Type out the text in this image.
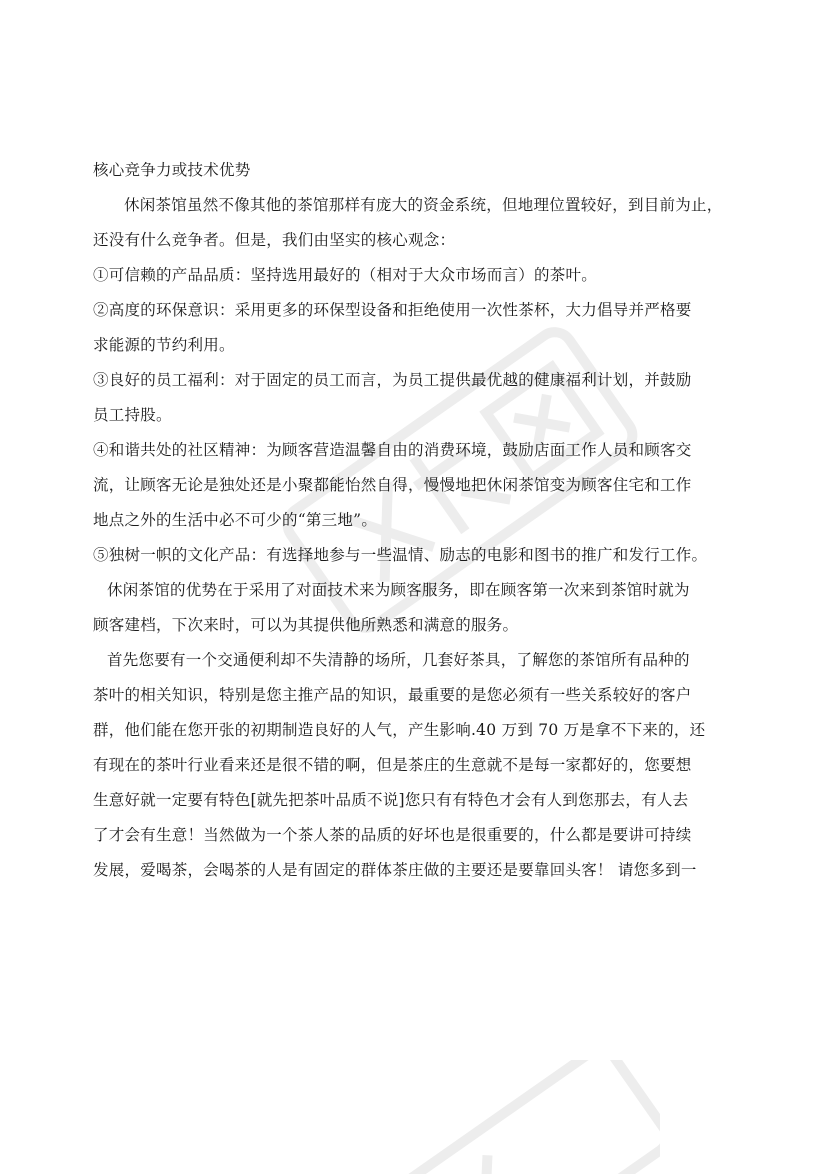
核心竞争力或技术优势
休闲茶馆虽然不像其他的茶馆那样有庞大的资金系统，但地理位置较好，到目前为止，
还没有什么竞争者。但是，我们由坚实的核心观念：
①可信赖的产品品质：坚持选用最好的（相对于大众市场而言）的茶叶。
②高度的环保意识：采用更多的环保型设备和拒绝使用一次性茶杯，大力倡导并严格要
求能源的节约利用。
③良好的员工福利：对于固定的员工而言，为员工提供最优越的健康福利计划，并鼓励
员工持股。
④和谐共处的社区精神：为顾客营造温馨自由的消费环境，鼓励店面工作人员和顾客交
流，让顾客无论是独处还是小聚都能怡然自得，慢慢地把休闲茶馆变为顾客住宅和工作
地点之外的生活中必不可少的“第三地”。
⑤独树一帜的文化产品：有选择地参与一些温情、励志的电影和图书的推广和发行工作。
休闲茶馆的优势在于采用了对面技术来为顾客服务，即在顾客第一次来到茶馆时就为
顾客建档，下次来时，可以为其提供他所熟悉和满意的服务。
首先您要有一个交通便利却不失清静的场所，几套好茶具，了解您的茶馆所有品种的
茶叶的相关知识，特别是您主推产品的知识，最重要的是您必须有一些关系较好的客户
群，他们能在您开张的初期制造良好的人气，产生影响.40 万到 70 万是拿不下来的，还
有现在的茶叶行业看来还是很不错的啊，但是茶庄的生意就不是每一家都好的，您要想
生意好就一定要有特色[就先把茶叶品质不说]您只有有特色才会有人到您那去，有人去
了才会有生意！当然做为一个茶人茶的品质的好坏也是很重要的，什么都是要讲可持续
发展，爱喝茶，会喝茶的人是有固定的群体茶庄做的主要还是要靠回头客！ 请您多到一
